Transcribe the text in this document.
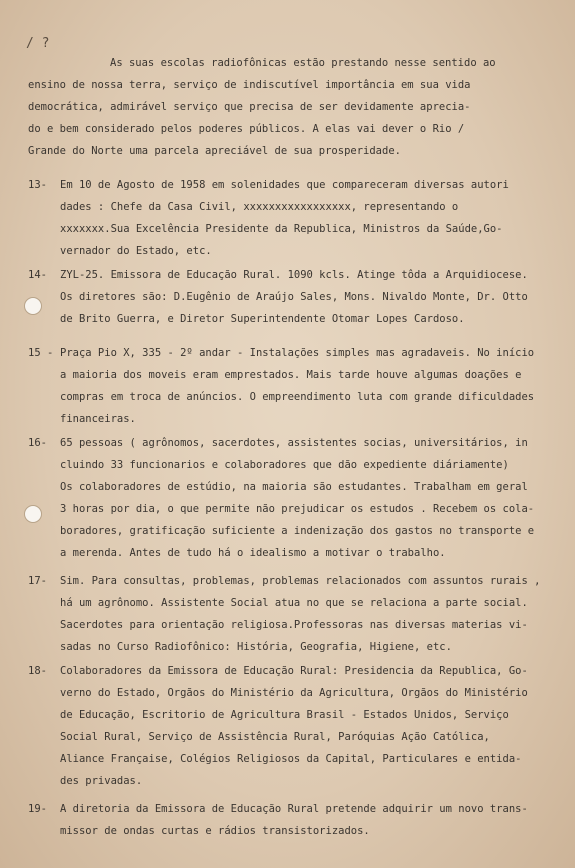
/ ?
As suas escolas radiofônicas estão prestando nesse sentido ao
ensino de nossa terra, serviço de indiscutível importância em sua vida
democrática, admirável serviço que precisa de ser devidamente aprecia-
do e bem considerado pelos poderes públicos. A elas vai dever o Rio /
Grande do Norte uma parcela apreciável de sua prosperidade.
13- Em 10 de Agosto de 1958 em solenidades que compareceram diversas autori
dades : Chefe da Casa Civil, xxxxxxxxxxxxxxxxx, representando o
xxxxxxx.Sua Excelência Presidente da Republica, Ministros da Saúde,Go-
vernador do Estado, etc.
14- ZYL-25. Emissora de Educação Rural. 1090 kcls. Atinge tôda a Arquidiocese.
Os diretores são: D.Eugênio de Araújo Sales, Mons. Nivaldo Monte, Dr. Otto
de Brito Guerra, e Diretor Superintendente Otomar Lopes Cardoso.
15 - Praça Pio X, 335 - 2º andar - Instalações simples mas agradaveis. No início
a maioria dos moveis eram emprestados. Mais tarde houve algumas doações e
compras em troca de anúncios. O empreendimento luta com grande dificuldades
financeiras.
16- 65 pessoas ( agrônomos, sacerdotes, assistentes socias, universitários, in
cluindo 33 funcionarios e colaboradores que dão expediente diáriamente)
Os colaboradores de estúdio, na maioria são estudantes. Trabalham em geral
3 horas por dia, o que permite não prejudicar os estudos . Recebem os cola-
boradores, gratificação suficiente a indenização dos gastos no transporte e
a merenda. Antes de tudo há o idealismo a motivar o trabalho.
17- Sim. Para consultas, problemas, problemas relacionados com assuntos rurais ,
há um agrônomo. Assistente Social atua no que se relaciona a parte social.
Sacerdotes para orientação religiosa.Professoras nas diversas materias vi-
sadas no Curso Radiofônico: História, Geografia, Higiene, etc.
18- Colaboradores da Emissora de Educação Rural: Presidencia da Republica, Go-
verno do Estado, Orgãos do Ministério da Agricultura, Orgãos do Ministério
de Educação, Escritorio de Agricultura Brasil - Estados Unidos, Serviço
Social Rural, Serviço de Assistência Rural, Paróquias Ação Católica,
Aliance Française, Colégios Religiosos da Capital, Particulares e entida-
des privadas.
19- A diretoria da Emissora de Educação Rural pretende adquirir um novo trans-
missor de ondas curtas e rádios transistorizados.
